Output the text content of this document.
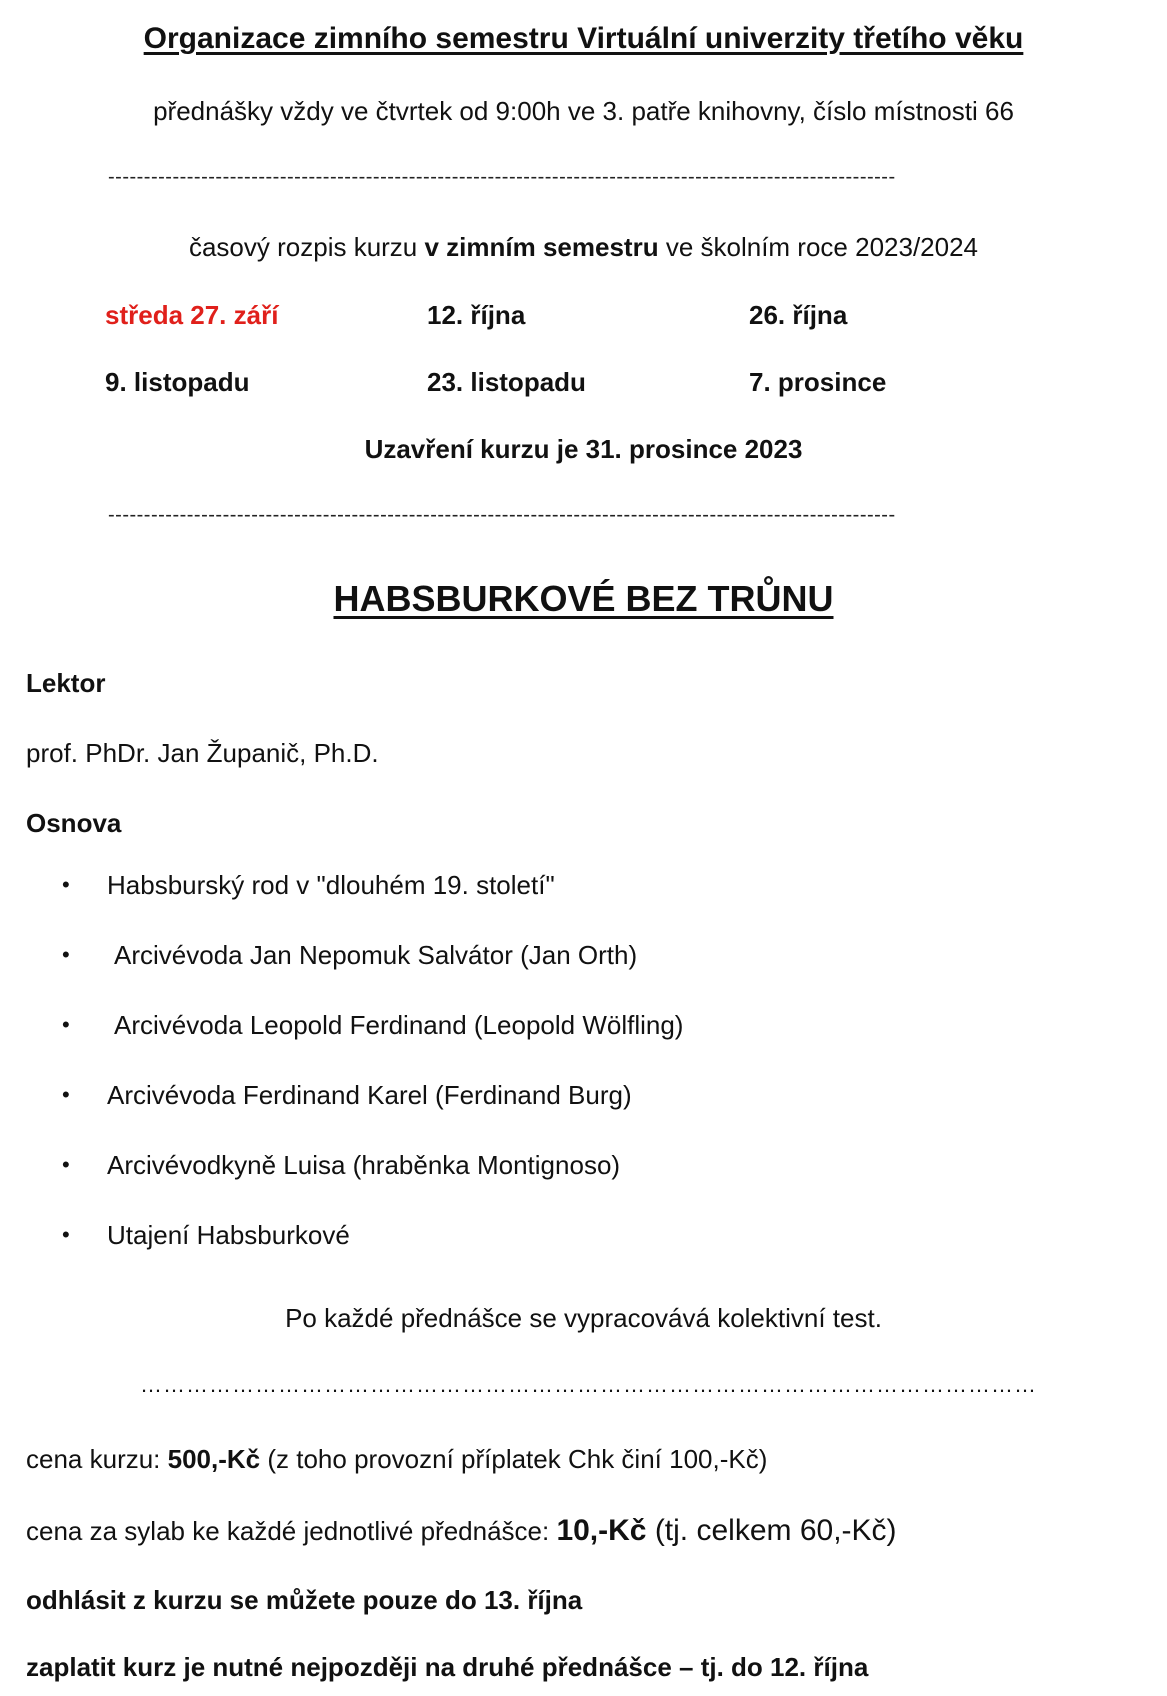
Organizace zimního semestru Virtuální univerzity třetího věku
přednášky vždy ve čtvrtek od 9:00h ve 3. patře knihovny, číslo místnosti 66
--------------------------------------------------------------------------------------------------------------
časový rozpis kurzu v zimním semestru ve školním roce 2023/2024
středa 27. září	12. října	26. října
9. listopadu	23. listopadu	7. prosince
Uzavření kurzu je 31. prosince 2023
--------------------------------------------------------------------------------------------------------------
HABSBURKOVÉ BEZ TRŮNU
Lektor
prof. PhDr. Jan Županič, Ph.D.
Osnova
• Habsburský rod v "dlouhém 19. století"
• Arcivévoda Jan Nepomuk Salvátor (Jan Orth)
• Arcivévoda Leopold Ferdinand (Leopold Wölfling)
• Arcivévoda Ferdinand Karel (Ferdinand Burg)
• Arcivévodkyně Luisa (hraběnka Montignoso)
• Utajení Habsburkové
Po každé přednášce se vypracovává kolektivní test.
………………………………………………………………………………………………………
cena kurzu: 500,-Kč (z toho provozní příplatek Chk činí 100,-Kč)
cena za sylab ke každé jednotlivé přednášce: 10,-Kč (tj. celkem 60,-Kč)
odhlásit z kurzu se můžete pouze do 13. října
zaplatit kurz je nutné nejpozději na druhé přednášce – tj. do 12. října
